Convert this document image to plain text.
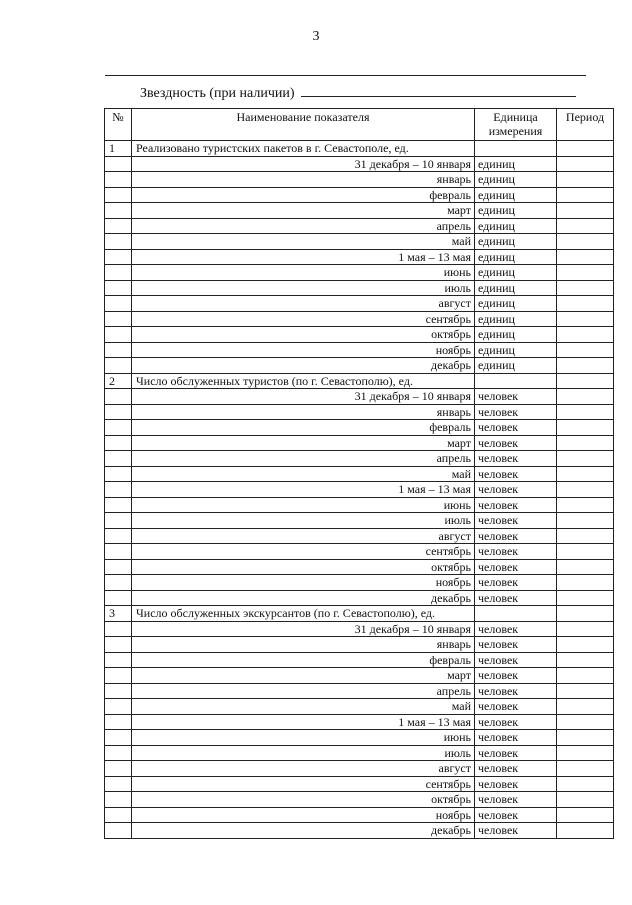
3
Звездность (при наличии)
№	Наименование показателя	Единица измерения	Период
1	Реализовано туристских пакетов в г. Севастополе, ед.		
	31 декабря – 10 января	единиц	
	январь	единиц	
	февраль	единиц	
	март	единиц	
	апрель	единиц	
	май	единиц	
	1 мая – 13 мая	единиц	
	июнь	единиц	
	июль	единиц	
	август	единиц	
	сентябрь	единиц	
	октябрь	единиц	
	ноябрь	единиц	
	декабрь	единиц	
2	Число обслуженных туристов (по г. Севастополю), ед.		
	31 декабря – 10 января	человек	
	январь	человек	
	февраль	человек	
	март	человек	
	апрель	человек	
	май	человек	
	1 мая – 13 мая	человек	
	июнь	человек	
	июль	человек	
	август	человек	
	сентябрь	человек	
	октябрь	человек	
	ноябрь	человек	
	декабрь	человек	
3	Число обслуженных экскурсантов (по г. Севастополю), ед.		
	31 декабря – 10 января	человек	
	январь	человек	
	февраль	человек	
	март	человек	
	апрель	человек	
	май	человек	
	1 мая – 13 мая	человек	
	июнь	человек	
	июль	человек	
	август	человек	
	сентябрь	человек	
	октябрь	человек	
	ноябрь	человек	
	декабрь	человек	
